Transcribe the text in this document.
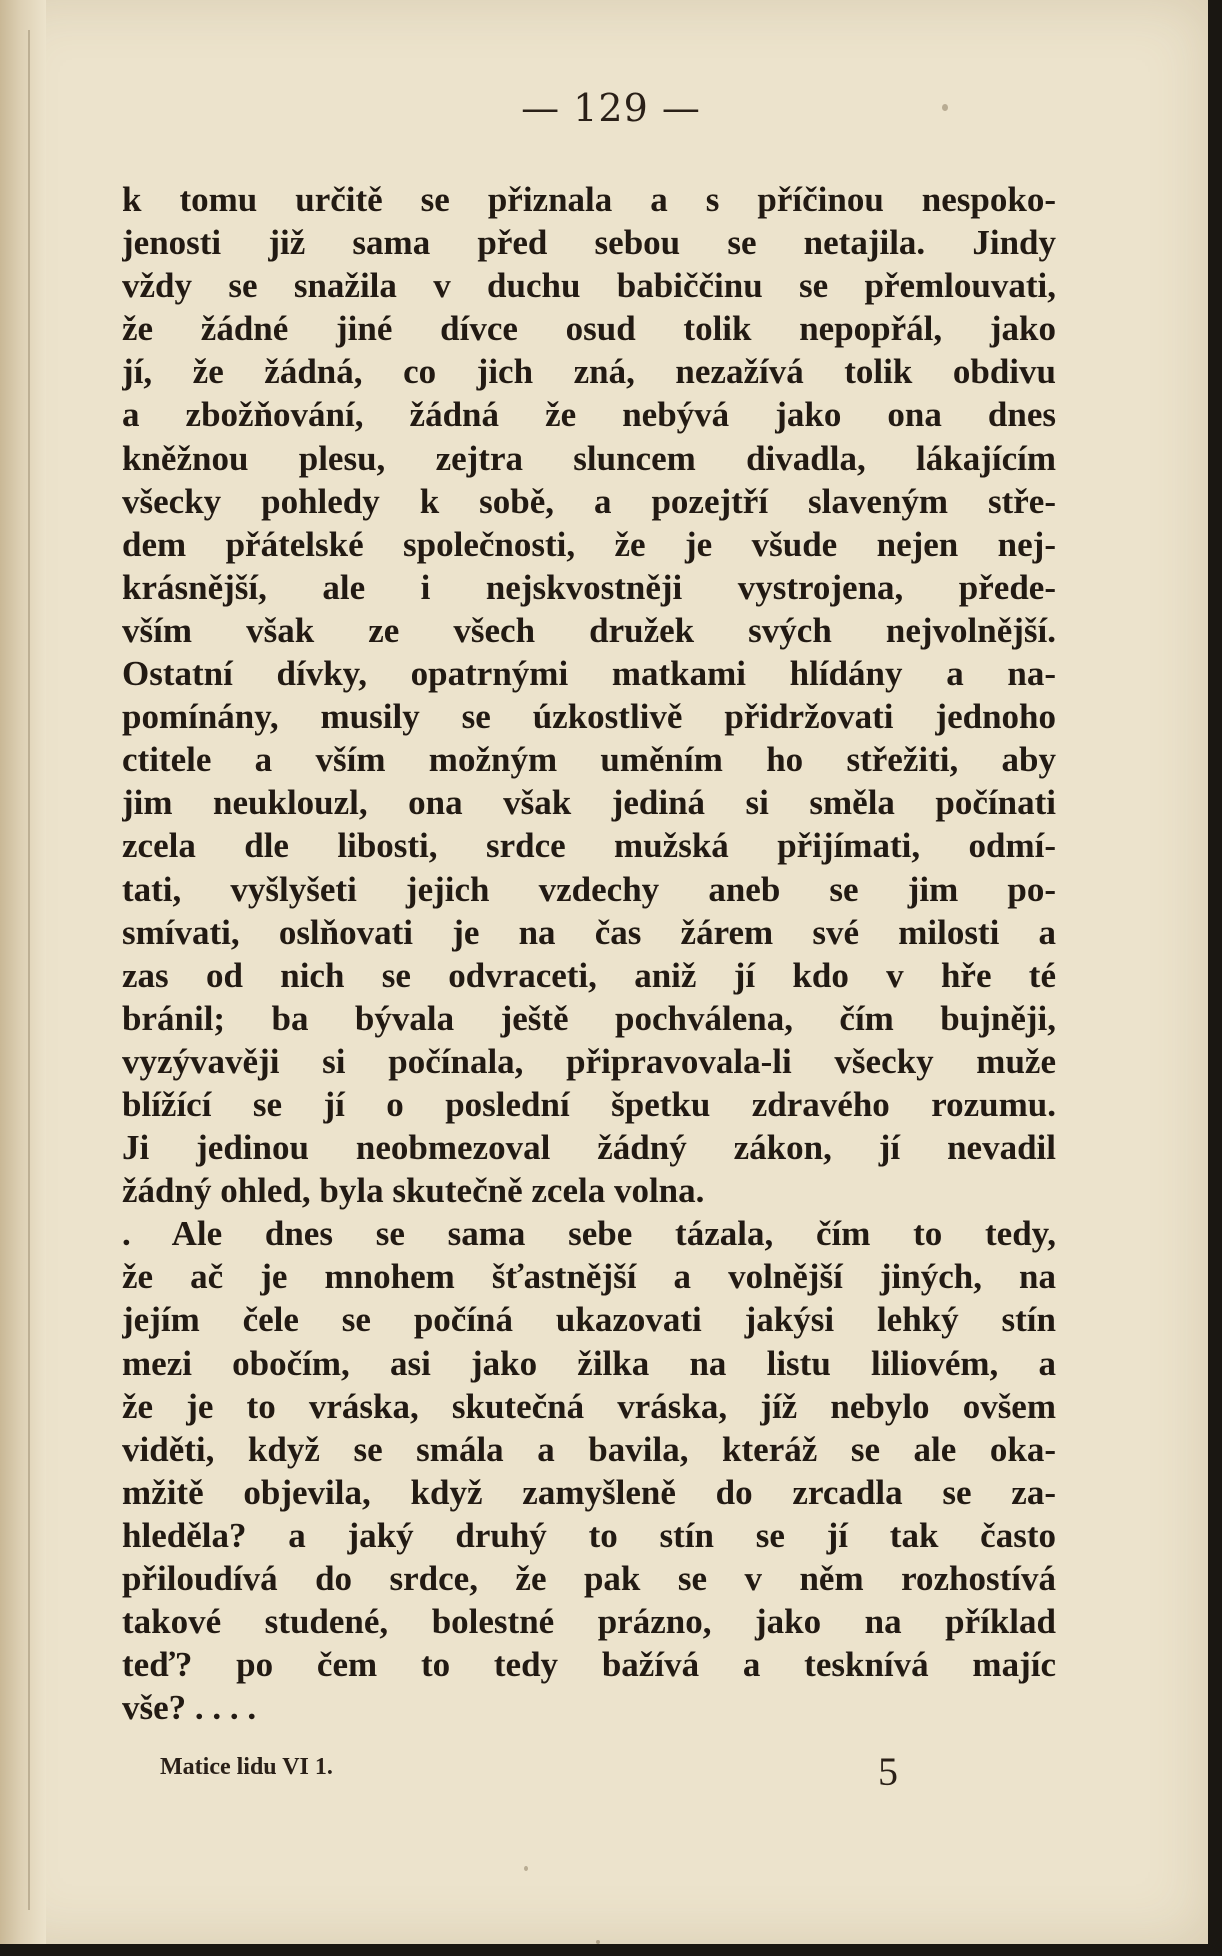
— 129 —
k tomu určitě se přiznala a s příčinou nespoko-
jenosti již sama před sebou se netajila. Jindy
vždy se snažila v duchu babiččinu se přemlouvati,
že žádné jiné dívce osud tolik nepopřál, jako
jí, že žádná, co jich zná, nezažívá tolik obdivu
a zbožňování, žádná že nebývá jako ona dnes
kněžnou plesu, zejtra sluncem divadla, lákajícím
všecky pohledy k sobě, a pozejtří slaveným stře-
dem přátelské společnosti, že je všude nejen nej-
krásnější, ale i nejskvostněji vystrojena, přede-
vším však ze všech družek svých nejvolnější.
Ostatní dívky, opatrnými matkami hlídány a na-
pomínány, musily se úzkostlivě přidržovati jednoho
ctitele a vším možným uměním ho střežiti, aby
jim neuklouzl, ona však jediná si směla počínati
zcela dle libosti, srdce mužská přijímati, odmí-
tati, vyšlyšeti jejich vzdechy aneb se jim po-
smívati, oslňovati je na čas žárem své milosti a
zas od nich se odvraceti, aniž jí kdo v hře té
bránil; ba bývala ještě pochválena, čím bujněji,
vyzývavěji si počínala, připravovala-li všecky muže
blížící se jí o poslední špetku zdravého rozumu.
Ji jedinou neobmezoval žádný zákon, jí nevadil
žádný ohled, byla skutečně zcela volna.
. Ale dnes se sama sebe tázala, čím to tedy,
že ač je mnohem šťastnější a volnější jiných, na
jejím čele se počíná ukazovati jakýsi lehký stín
mezi obočím, asi jako žilka na listu liliovém, a
že je to vráska, skutečná vráska, jíž nebylo ovšem
viděti, když se smála a bavila, kteráž se ale oka-
mžitě objevila, když zamyšleně do zrcadla se za-
hleděla? a jaký druhý to stín se jí tak často
přiloudívá do srdce, že pak se v něm rozhostívá
takové studené, bolestné prázno, jako na příklad
teď? po čem to tedy bažívá a tesknívá majíc
vše? . . . .
Matice lidu VI 1.	5
